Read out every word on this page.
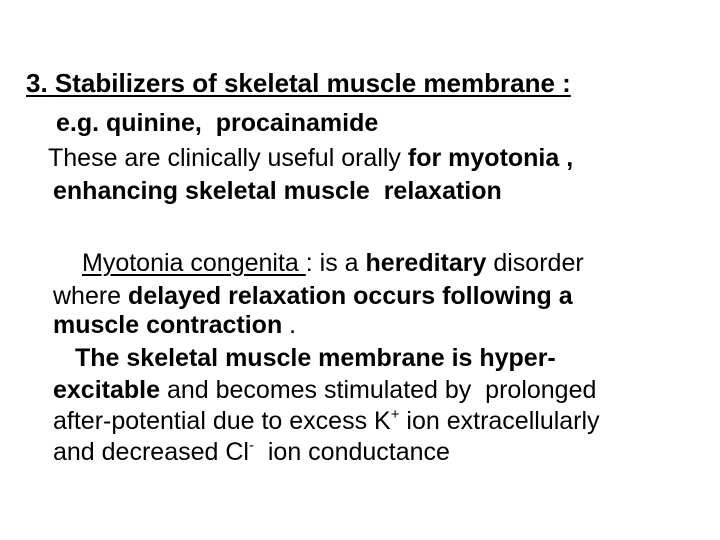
3. Stabilizers of skeletal muscle membrane :
e.g. quinine,  procainamide
These are clinically useful orally for myotonia ,
enhancing skeletal muscle  relaxation
Myotonia congenita : is a hereditary disorder
where delayed relaxation occurs following a
muscle contraction .
The skeletal muscle membrane is hyper-
excitable and becomes stimulated by  prolonged
after-potential due to excess K+ ion extracellularly
and decreased Cl-  ion conductance
